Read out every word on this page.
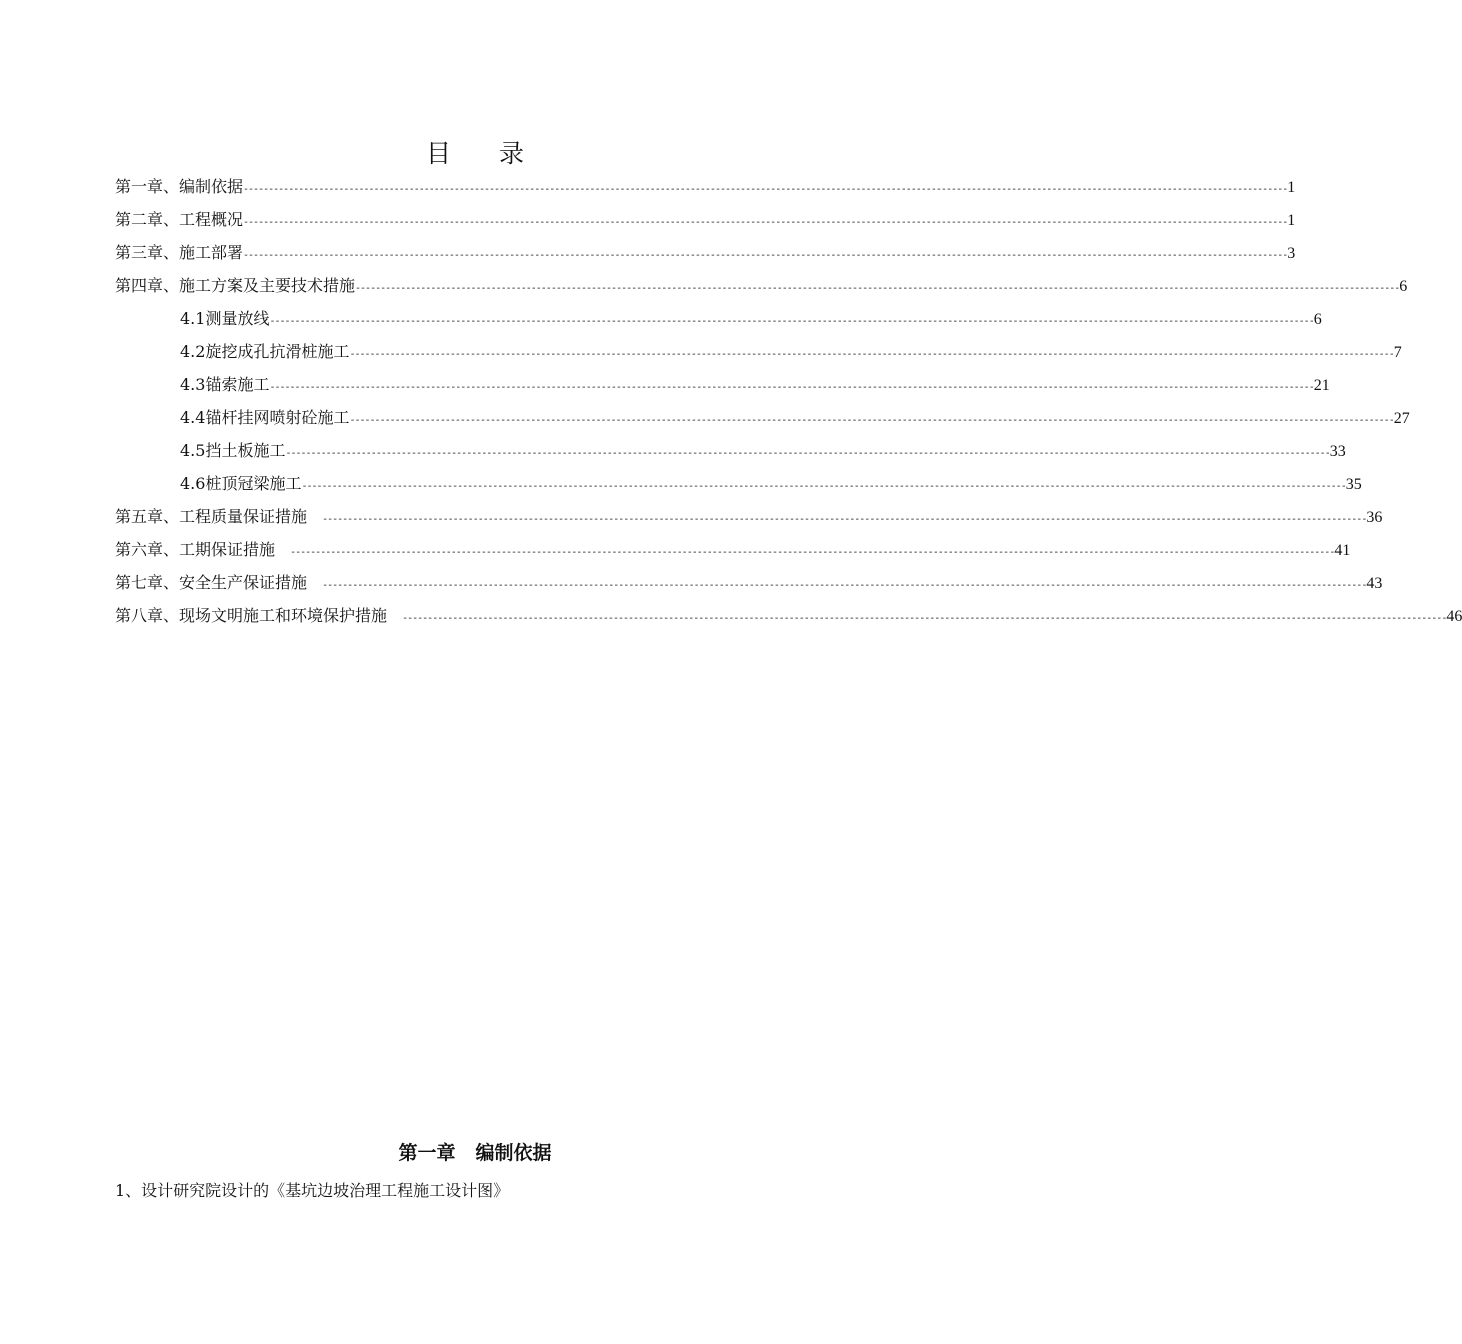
目 录
第一章、编制依据 ---------------------------------------------------------------------------------------------------------------------------------------------------------------------------------------------------------------- 1
第二章、工程概况 ---------------------------------------------------------------------------------------------------------------------------------------------------------------------------------------------------------------- 1
第三章、施工部署 ---------------------------------------------------------------------------------------------------------------------------------------------------------------------------------------------------------------- 3
第四章、施工方案及主要技术措施 ---------------------------------------------------------------------------------------------------------------------------------------------------------------------------------------------------------------- 6
4.1测量放线 ---------------------------------------------------------------------------------------------------------------------------------------------------------------------------------------------------------------- 6
4.2旋挖成孔抗滑桩施工 ---------------------------------------------------------------------------------------------------------------------------------------------------------------------------------------------------------------- 7
4.3锚索施工 ---------------------------------------------------------------------------------------------------------------------------------------------------------------------------------------------------------------- 21
4.4锚杆挂网喷射砼施工 ---------------------------------------------------------------------------------------------------------------------------------------------------------------------------------------------------------------- 27
4.5挡土板施工 ---------------------------------------------------------------------------------------------------------------------------------------------------------------------------------------------------------------- 33
4.6桩顶冠梁施工 ---------------------------------------------------------------------------------------------------------------------------------------------------------------------------------------------------------------- 35
第五章、工程质量保证措施 ---------------------------------------------------------------------------------------------------------------------------------------------------------------------------------------------------------------- 36
第六章、工期保证措施 ---------------------------------------------------------------------------------------------------------------------------------------------------------------------------------------------------------------- 41
第七章、安全生产保证措施 ---------------------------------------------------------------------------------------------------------------------------------------------------------------------------------------------------------------- 43
第八章、现场文明施工和环境保护措施 ---------------------------------------------------------------------------------------------------------------------------------------------------------------------------------------------------------------- 46
第一章 编制依据
1、设计研究院设计的《基坑边坡治理工程施工设计图》
